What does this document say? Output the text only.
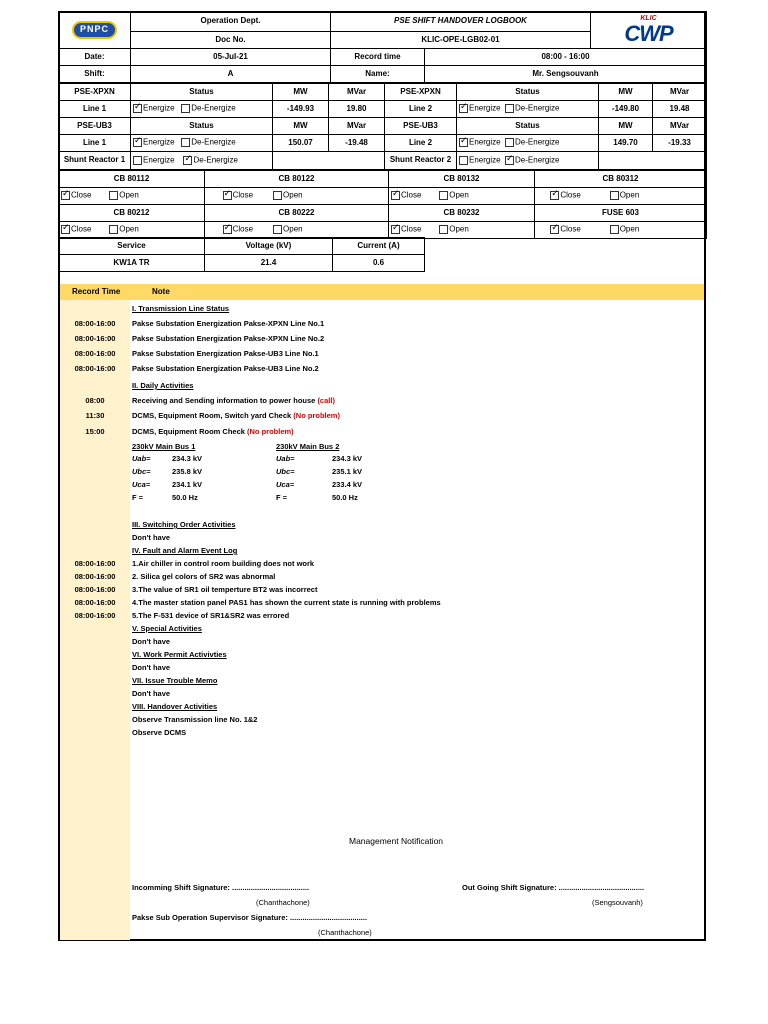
PNPC	Operation Dept.	PSE SHIFT HANDOVER LOGBOOK		KLIC
CWP
	Doc No.	KLIC-OPE-LGB02-01		
Date:	05-Jul-21	Record time	08:00 - 16:00	
Shift:	A	Name:	Mr. Sengsouvanh	
PSE-XPXN	Status	MW	MVar	PSE-XPXN	Status	MW	MVar
Line 1	✓Energize De-Energize	-149.93	19.80	Line 2	✓Energize De-Energize	-149.80	19.48
PSE-UB3	Status	MW	MVar	PSE-UB3	Status	MW	MVar
Line 1	✓Energize De-Energize	150.07	-19.48	Line 2	✓Energize De-Energize	149.70	-19.33
Shunt Reactor 1	Energize ✓ De-Energize			Shunt Reactor 2	Energize ✓ De-Energize	
CB 80112	CB 80122	CB 80132	CB 80312
✓Close Open	✓Close Open	✓Close Open	✓Close Open
CB 80212	CB 80222	CB 80232	FUSE 603
✓Close Open	✓Close Open	✓Close Open	✓Close Open
Service	Voltage (kV)	Current (A)
KW1A TR	21.4	0.6
Record Time	Note
I. Transmission Line Status
08:00-16:00	Pakse Substation Energization Pakse-XPXN Line No.1
08:00-16:00	Pakse Substation Energization Pakse-XPXN Line No.2
08:00-16:00	Pakse Substation Energization Pakse-UB3 Line No.1
08:00-16:00	Pakse Substation Energization Pakse-UB3 Line No.2
II. Daily Activities
08:00	Receiving and Sending information to power house (call)
11:30	DCMS, Equipment Room, Switch yard Check (No problem)
15:00	DCMS, Equipment Room Check (No problem)
230kV Main Bus 1	230kV Main Bus 2
Uab=	234.3 kV	Uab=	234.3 kV
Ubc=	235.8 kV	Ubc=	235.1 kV
Uca=	234.1 kV	Uca=	233.4 kV
F =	50.0 Hz	F =	50.0 Hz
III. Switching Order Activities
Don't have
IV. Fault and Alarm Event Log
08:00-16:00	1.Air chiller in control room building does not work
08:00-16:00	2. Silica gel colors of SR2 was abnormal
08:00-16:00	3.The value of SR1 oil temperture BT2 was incorrect
08:00-16:00	4.The master station panel PAS1 has shown the current state is running with problems
08:00-16:00	5.The F-531 device of SR1&SR2 was errored
V. Special Activities
Don't have
VI. Work Permit Activivties
Don't have
VII. Issue Trouble Memo
Don't have
VIII. Handover Activities
Observe Transmission line No. 1&2
Observe DCMS
Management Notification
Incomming Shift Signature: .....................................
(Chanthachone)
Out Going Shift Signature: .........................................
(Sengsouvanh)
Pakse Sub Operation Supervisor Signature: .....................................
(Chanthachone)
